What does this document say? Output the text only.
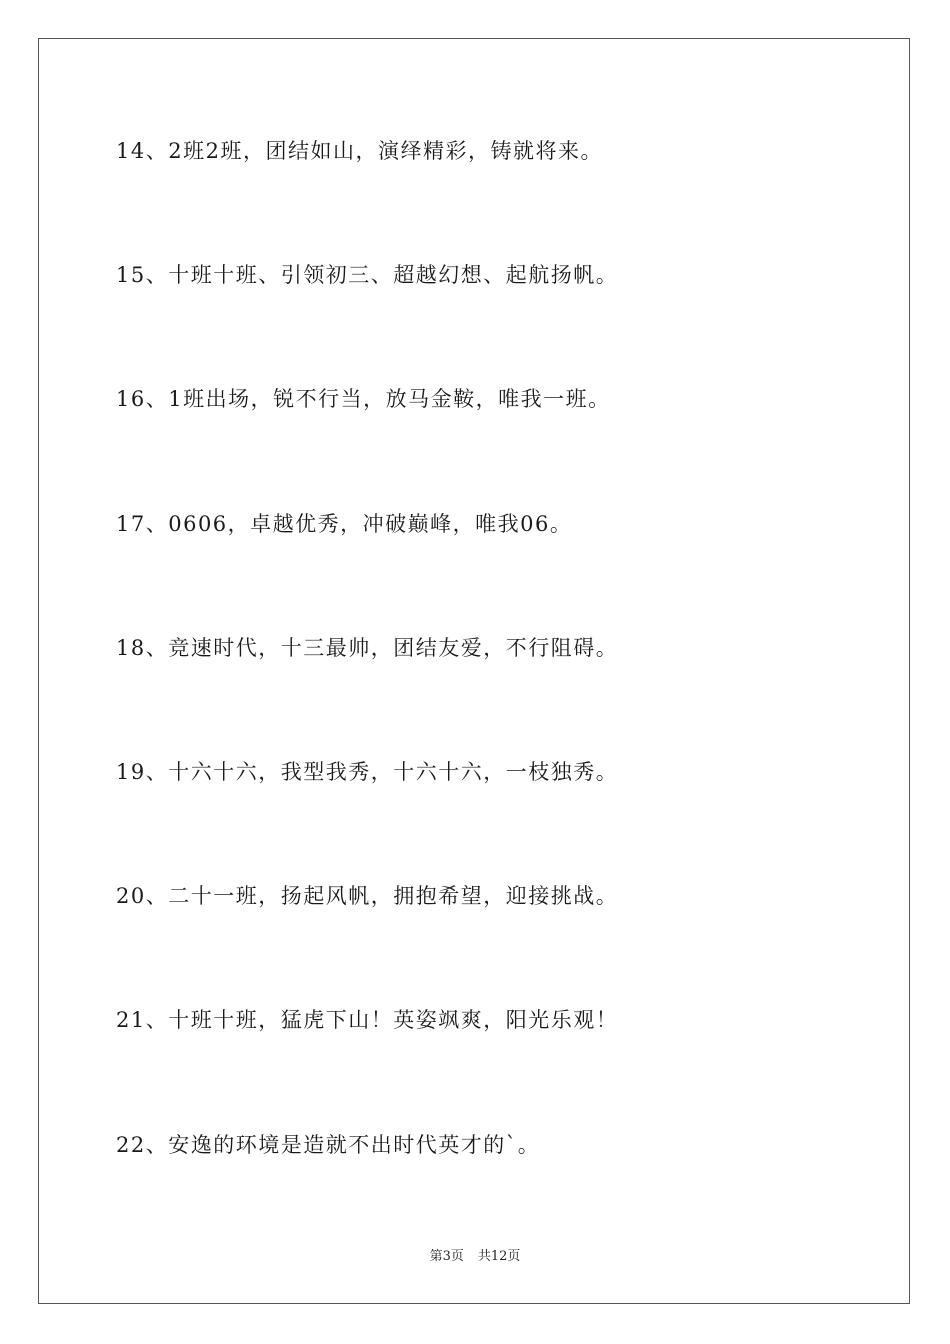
14、2班2班，团结如山，演绎精彩，铸就将来。
15、十班十班、引领初三、超越幻想、起航扬帆。
16、1班出场，锐不行当，放马金鞍，唯我一班。
17、0606，卓越优秀，冲破巅峰，唯我06。
18、竞速时代，十三最帅，团结友爱，不行阻碍。
19、十六十六，我型我秀，十六十六，一枝独秀。
20、二十一班，扬起风帆，拥抱希望，迎接挑战。
21、十班十班，猛虎下山！英姿飒爽，阳光乐观！
22、安逸的环境是造就不出时代英才的`。
第3页 共12页
